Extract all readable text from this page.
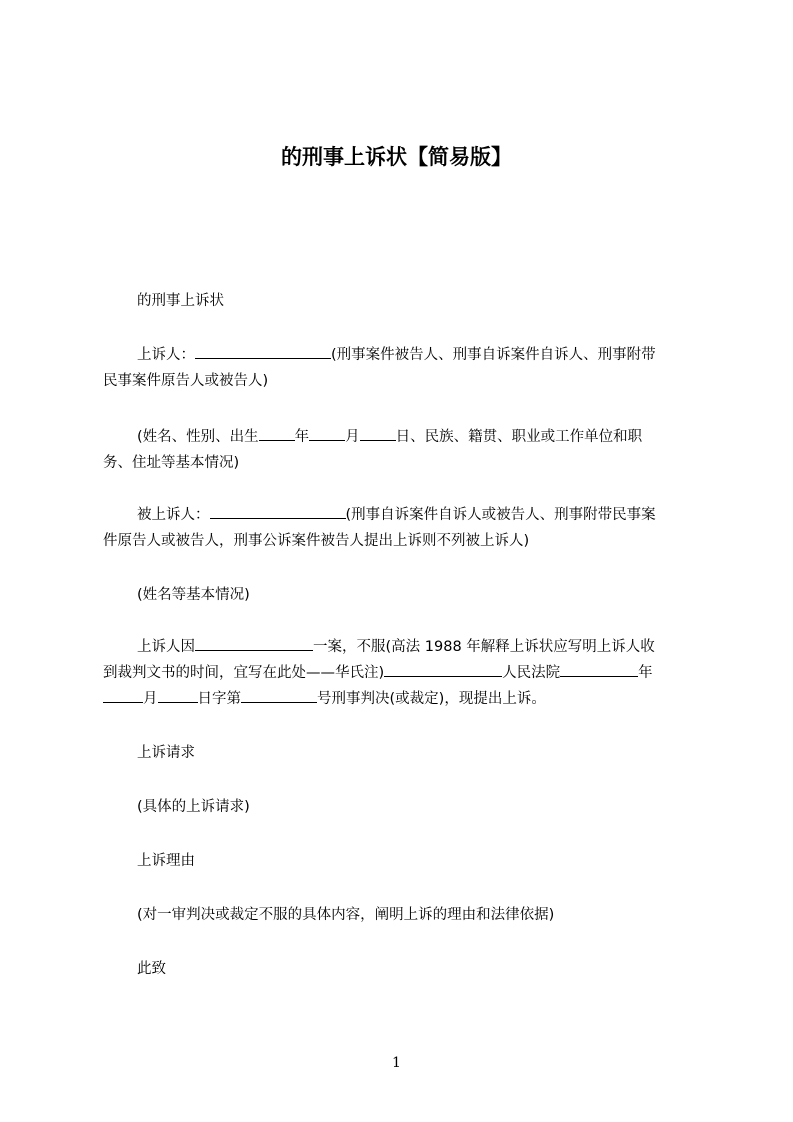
的刑事上诉状【简易版】
的刑事上诉状
上诉人：	(刑事案件被告人、刑事自诉案件自诉人、刑事附带
民事案件原告人或被告人)
(姓名、性别、出生 年 月 日、民族、籍贯、职业或工作单位和职
务、住址等基本情况)
被上诉人：	(刑事自诉案件自诉人或被告人、刑事附带民事案
件原告人或被告人，刑事公诉案件被告人提出上诉则不列被上诉人)
(姓名等基本情况)
上诉人因	一案，不服(高法 1988 年解释上诉状应写明上诉人收
到裁判文书的时间，宜写在此处——华氏注)	人民法院	年
月	日字第	号刑事判决(或裁定)，现提出上诉。
上诉请求
(具体的上诉请求)
上诉理由
(对一审判决或裁定不服的具体内容，阐明上诉的理由和法律依据)
此致
1
